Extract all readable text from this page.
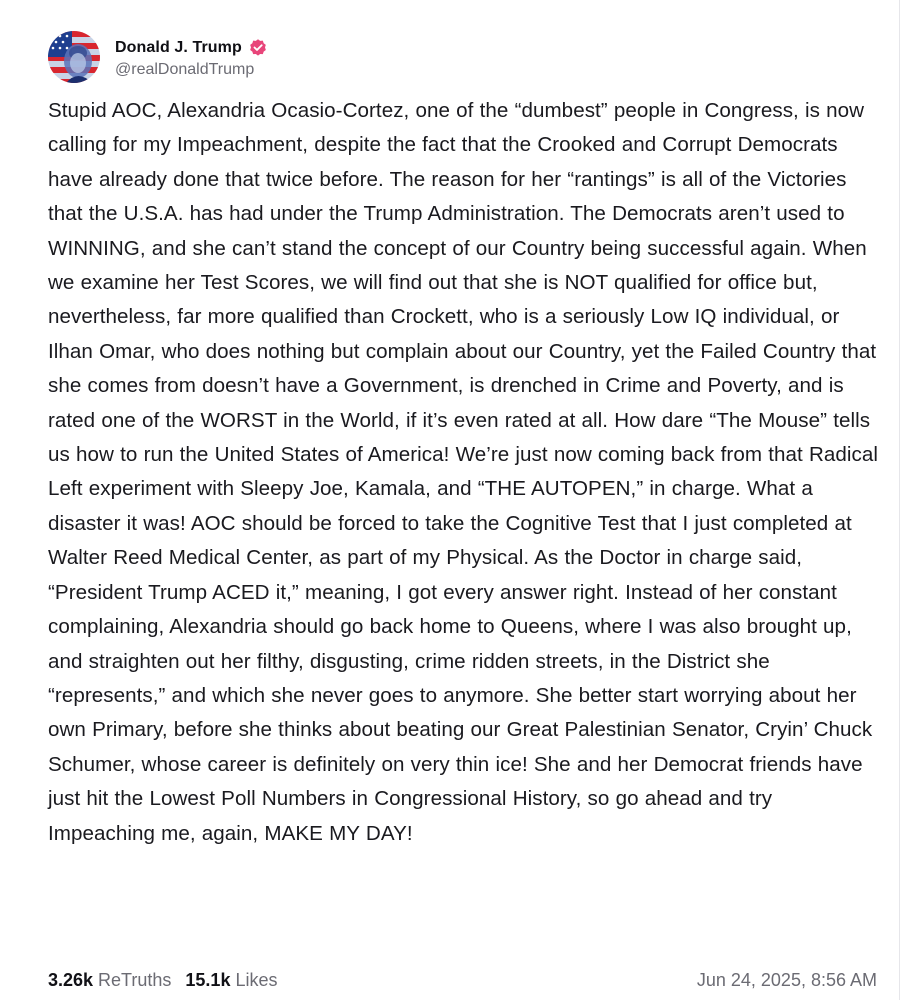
Donald J. Trump
@realDonaldTrump
Stupid AOC, Alexandria Ocasio-Cortez, one of the “dumbest” people in Congress, is now calling for my Impeachment, despite the fact that the Crooked and Corrupt Democrats have already done that twice before. The reason for her “rantings” is all of the Victories that the U.S.A. has had under the Trump Administration. The Democrats aren’t used to WINNING, and she can’t stand the concept of our Country being successful again. When we examine her Test Scores, we will find out that she is NOT qualified for office but, nevertheless, far more qualified than Crockett, who is a seriously Low IQ individual, or Ilhan Omar, who does nothing but complain about our Country, yet the Failed Country that she comes from doesn’t have a Government, is drenched in Crime and Poverty, and is rated one of the WORST in the World, if it’s even rated at all. How dare “The Mouse” tells us how to run the United States of America! We’re just now coming back from that Radical Left experiment with Sleepy Joe, Kamala, and “THE AUTOPEN,” in charge. What a disaster it was! AOC should be forced to take the Cognitive Test that I just completed at Walter Reed Medical Center, as part of my Physical. As the Doctor in charge said, “President Trump ACED it,” meaning, I got every answer right. Instead of her constant complaining, Alexandria should go back home to Queens, where I was also brought up, and straighten out her filthy, disgusting, crime ridden streets, in the District she “represents,” and which she never goes to anymore. She better start worrying about her own Primary, before she thinks about beating our Great Palestinian Senator, Cryin’ Chuck Schumer, whose career is definitely on very thin ice! She and her Democrat friends have just hit the Lowest Poll Numbers in Congressional History, so go ahead and try Impeaching me, again, MAKE MY DAY!
3.26k ReTruths 15.1k Likes	Jun 24, 2025, 8:56 AM
